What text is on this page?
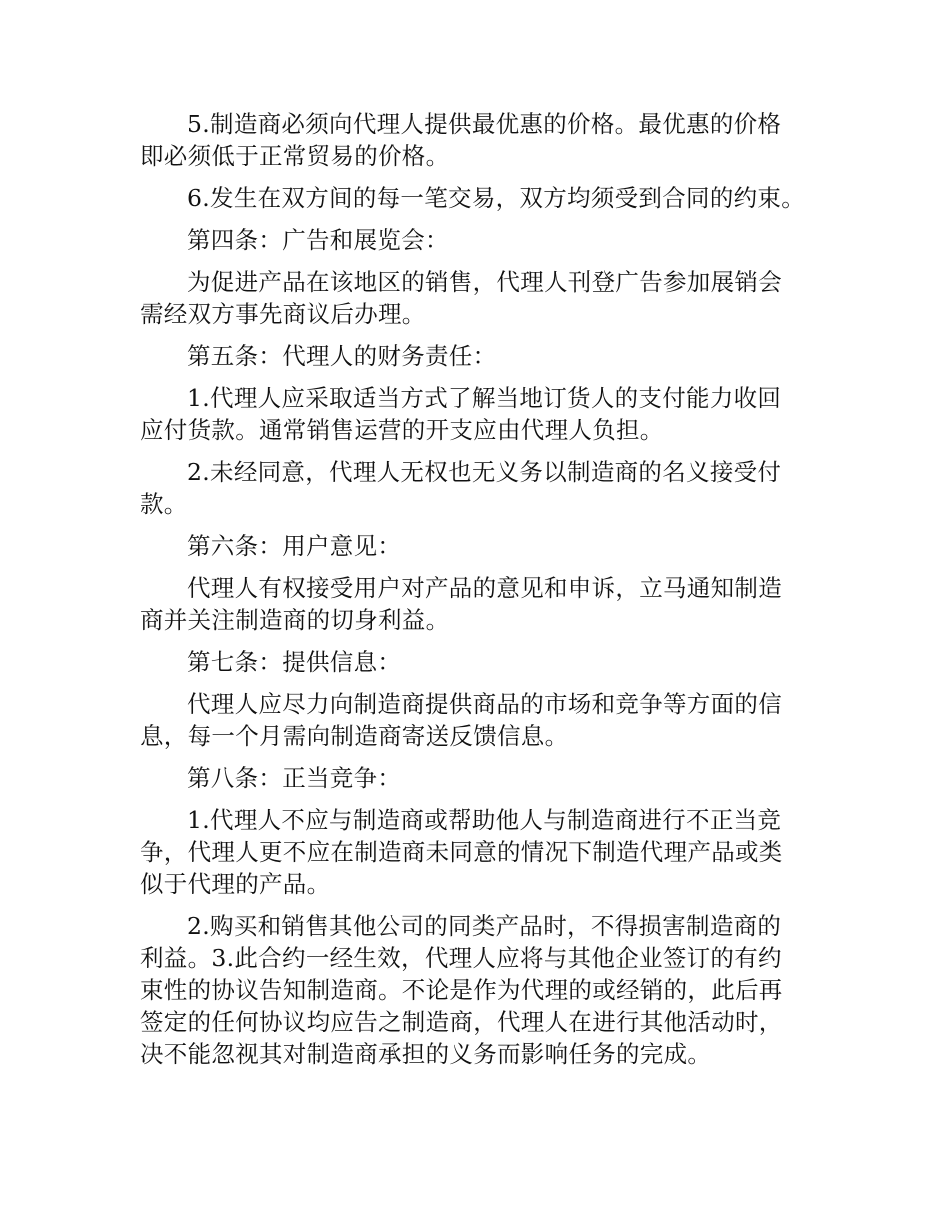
5.制造商必须向代理人提供最优惠的价格。最优惠的价格
即必须低于正常贸易的价格。

6.发生在双方间的每一笔交易，双方均须受到合同的约束。

第四条：广告和展览会：

为促进产品在该地区的销售，代理人刊登广告参加展销会
需经双方事先商议后办理。

第五条：代理人的财务责任：

1.代理人应采取适当方式了解当地订货人的支付能力收回
应付货款。通常销售运营的开支应由代理人负担。

2.未经同意，代理人无权也无义务以制造商的名义接受付
款。

第六条：用户意见：

代理人有权接受用户对产品的意见和申诉，立马通知制造
商并关注制造商的切身利益。

第七条：提供信息：

代理人应尽力向制造商提供商品的市场和竞争等方面的信
息，每一个月需向制造商寄送反馈信息。

第八条：正当竞争：

1.代理人不应与制造商或帮助他人与制造商进行不正当竞
争，代理人更不应在制造商未同意的情况下制造代理产品或类
似于代理的产品。

2.购买和销售其他公司的同类产品时，不得损害制造商的
利益。3.此合约一经生效，代理人应将与其他企业签订的有约
束性的协议告知制造商。不论是作为代理的或经销的，此后再
签定的任何协议均应告之制造商，代理人在进行其他活动时，
决不能忽视其对制造商承担的义务而影响任务的完成。
